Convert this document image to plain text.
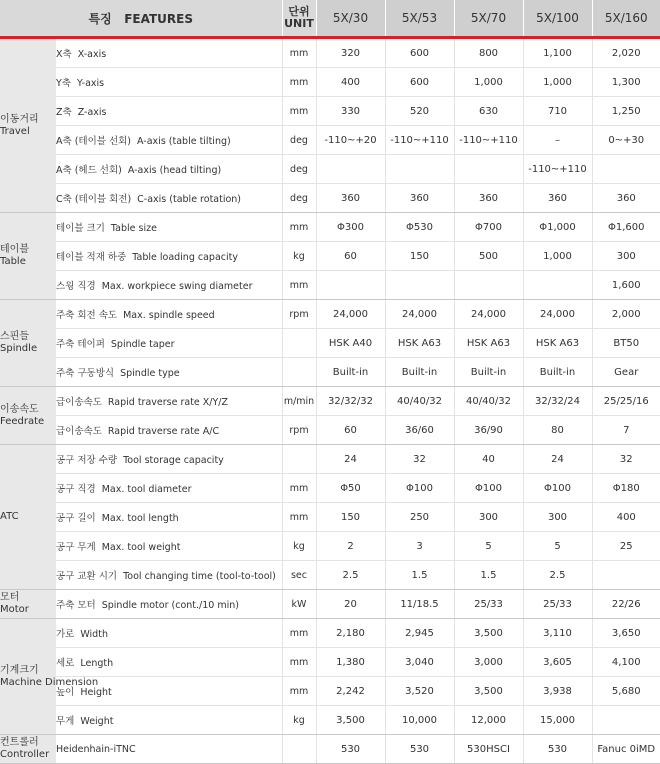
특징 FEATURES		단위
UNIT	5X/30	5X/53	5X/70	5X/100	5X/160

이동거리
Travel	X축 X-axis	mm	320	600	800	1,100	2,020
	Y축 Y-axis	mm	400	600	1,000	1,000	1,300
	Z축 Z-axis	mm	330	520	630	710	1,250
	A축 (테이블 선회) A-axis (table tilting)	deg	-110~+20	-110~+110	-110~+110	–	0~+30
	A축 (헤드 선회) A-axis (head tilting)	deg				-110~+110	
	C축 (테이블 회전) C-axis (table rotation)	deg	360	360	360	360	360

테이블
Table	테이블 크기 Table size	mm	Φ300	Φ530	Φ700	Φ1,000	Φ1,600
	테이블 적재 하중 Table loading capacity	kg	60	150	500	1,000	300
	스윙 직경 Max. workpiece swing diameter	mm					1,600

스핀들
Spindle	주축 회전 속도 Max. spindle speed	rpm	24,000	24,000	24,000	24,000	2,000
	주축 테이퍼 Spindle taper		HSK A40	HSK A63	HSK A63	HSK A63	BT50
	주축 구동방식 Spindle type		Built-in	Built-in	Built-in	Built-in	Gear

이송속도
Feedrate	급이송속도 Rapid traverse rate X/Y/Z	m/min	32/32/32	40/40/32	40/40/32	32/32/24	25/25/16
	급이송속도 Rapid traverse rate A/C	rpm	60	36/60	36/90	80	7

ATC	공구 저장 수량 Tool storage capacity		24	32	40	24	32
	공구 직경 Max. tool diameter	mm	Φ50	Φ100	Φ100	Φ100	Φ180
	공구 길이 Max. tool length	mm	150	250	300	300	400
	공구 무게 Max. tool weight	kg	2	3	5	5	25
	공구 교환 시기 Tool changing time (tool-to-tool)	sec	2.5	1.5	1.5	2.5	

모터
Motor	주축 모터 Spindle motor (cont./10 min)	kW	20	11/18.5	25/33	25/33	22/26

기계크기
Machine Dimension	가로 Width	mm	2,180	2,945	3,500	3,110	3,650
	세로 Length	mm	1,380	3,040	3,000	3,605	4,100
	높이 Height	mm	2,242	3,520	3,500	3,938	5,680
	무게 Weight	kg	3,500	10,000	12,000	15,000	

컨트롤러
Controller	Heidenhain-iTNC		530	530	530HSCI	530	Fanuc 0iMD
